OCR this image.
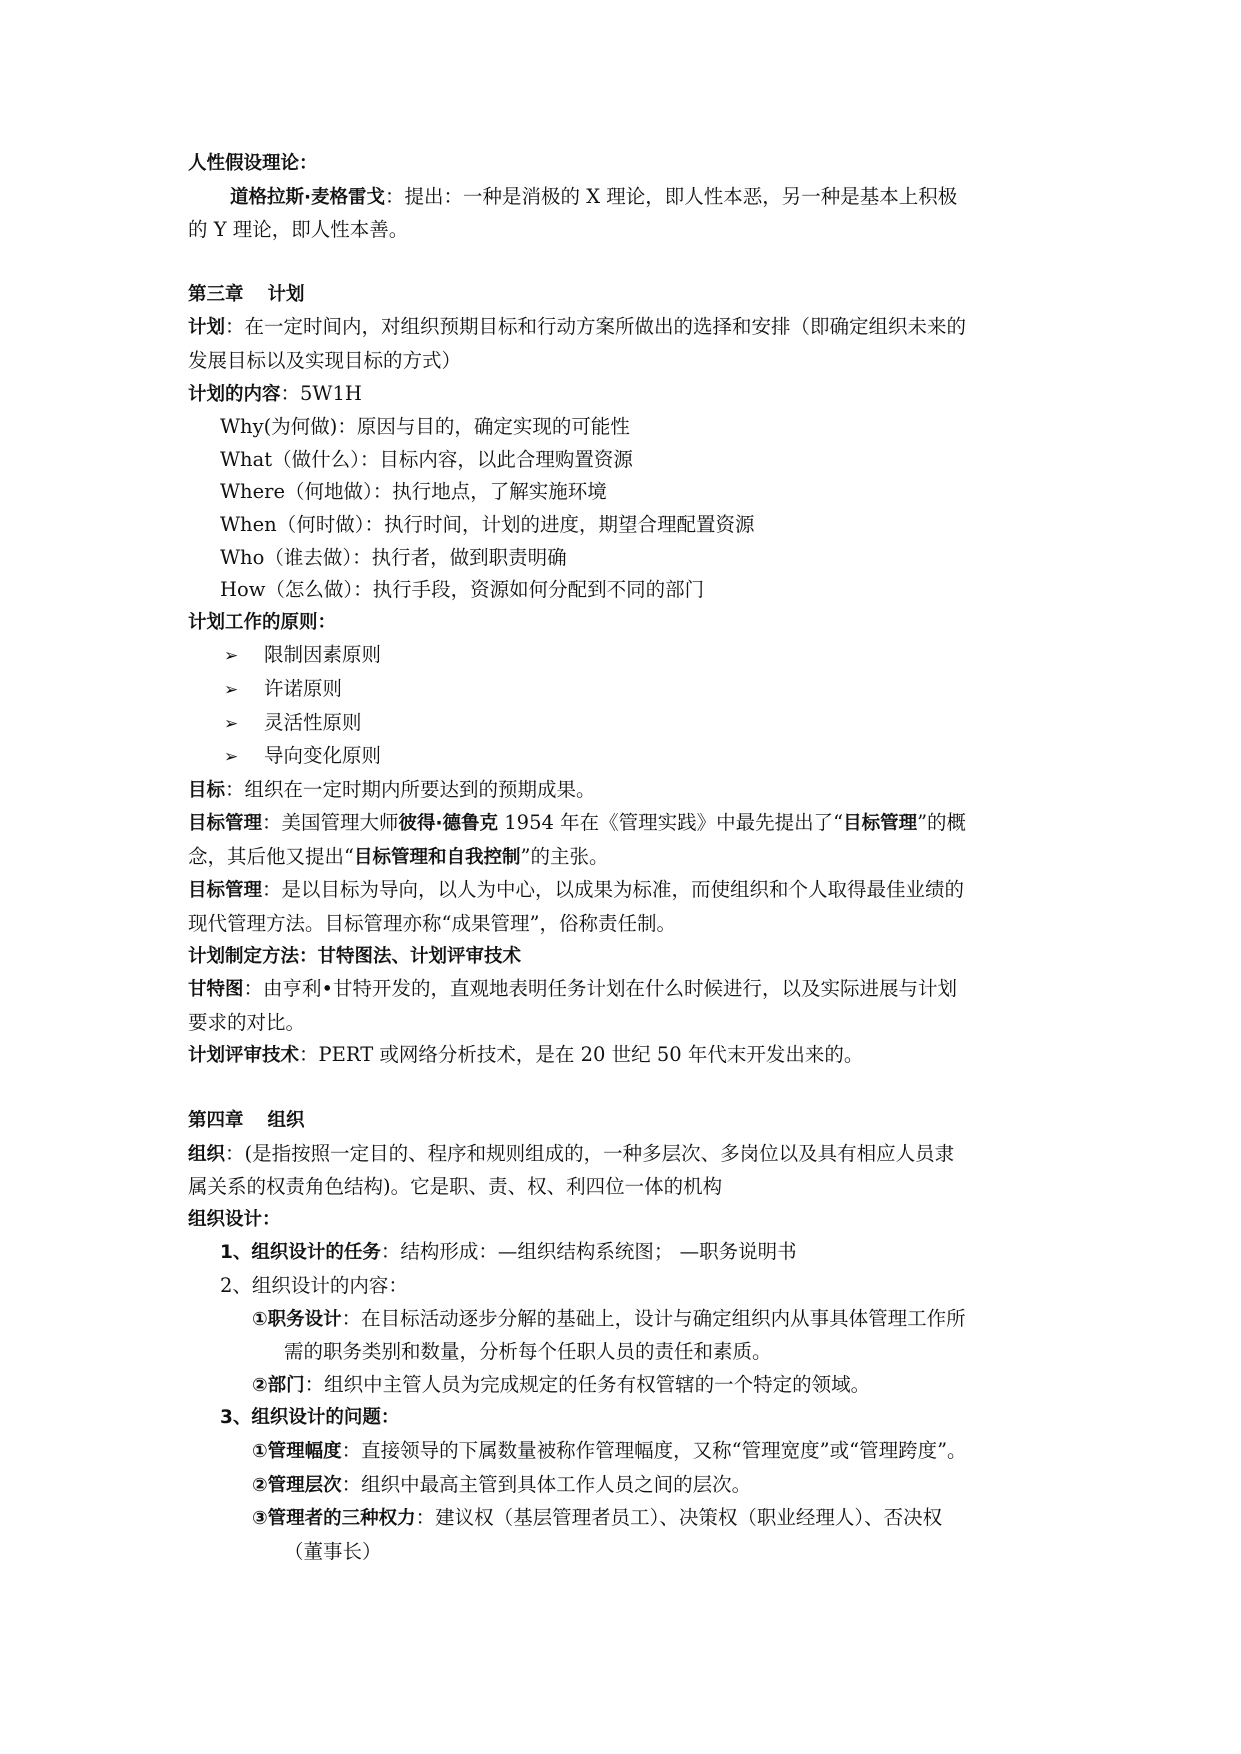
人性假设理论：
道格拉斯·麦格雷戈：提出：一种是消极的 X 理论，即人性本恶，另一种是基本上积极
的 Y 理论，即人性本善。
第三章 计划
计划：在一定时间内，对组织预期目标和行动方案所做出的选择和安排（即确定组织未来的
发展目标以及实现目标的方式）
计划的内容：5W1H
Why(为何做)：原因与目的，确定实现的可能性
What（做什么）：目标内容，以此合理购置资源
Where（何地做）：执行地点，了解实施环境
When（何时做）：执行时间，计划的进度，期望合理配置资源
Who（谁去做）：执行者，做到职责明确
How（怎么做）：执行手段，资源如何分配到不同的部门
计划工作的原则：
➢ 限制因素原则
➢ 许诺原则
➢ 灵活性原则
➢ 导向变化原则
目标：组织在一定时期内所要达到的预期成果。
目标管理：美国管理大师彼得·德鲁克 1954 年在《管理实践》中最先提出了“目标管理”的概
念，其后他又提出“目标管理和自我控制”的主张。
目标管理：是以目标为导向，以人为中心，以成果为标准，而使组织和个人取得最佳业绩的
现代管理方法。目标管理亦称“成果管理”，俗称责任制。
计划制定方法：甘特图法、计划评审技术
甘特图：由亨利•甘特开发的，直观地表明任务计划在什么时候进行，以及实际进展与计划
要求的对比。
计划评审技术：PERT 或网络分析技术，是在 20 世纪 50 年代末开发出来的。
第四章 组织
组织：(是指按照一定目的、程序和规则组成的，一种多层次、多岗位以及具有相应人员隶
属关系的权责角色结构)。它是职、责、权、利四位一体的机构
组织设计：
1、组织设计的任务：结构形成：—组织结构系统图； —职务说明书
2、组织设计的内容：
①职务设计：在目标活动逐步分解的基础上，设计与确定组织内从事具体管理工作所
需的职务类别和数量，分析每个任职人员的责任和素质。
②部门：组织中主管人员为完成规定的任务有权管辖的一个特定的领域。
3、组织设计的问题：
①管理幅度：直接领导的下属数量被称作管理幅度，又称“管理宽度”或“管理跨度”。
②管理层次：组织中最高主管到具体工作人员之间的层次。
③管理者的三种权力：建议权（基层管理者员工）、决策权（职业经理人）、否决权
（董事长）
